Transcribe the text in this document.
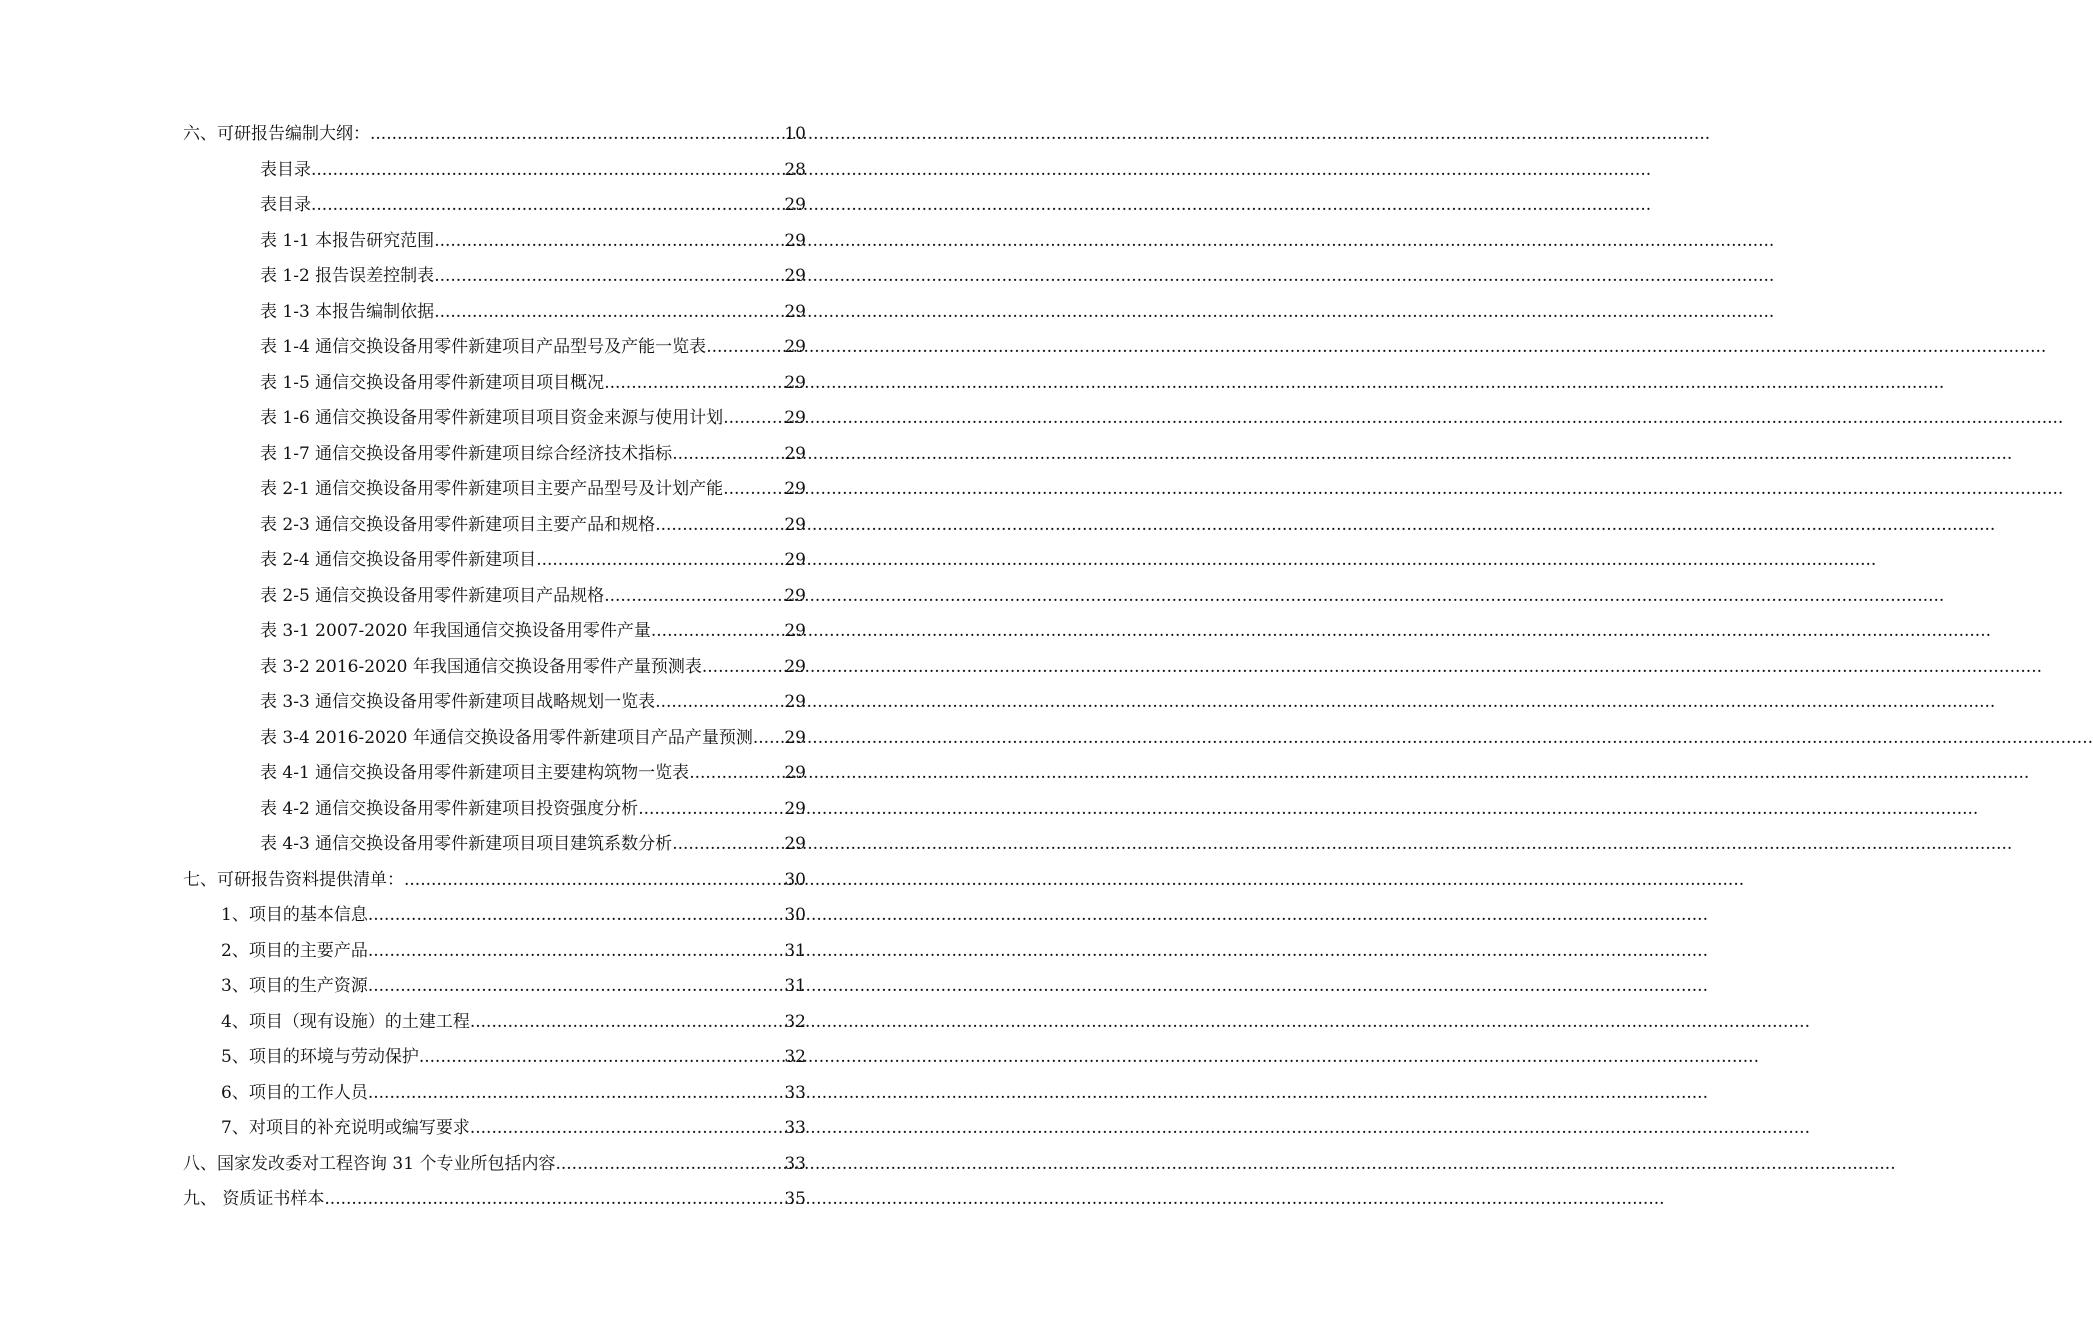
六、可研报告编制大纲： .....	10
表目录 .....	28
表目录 .....	29
表 1-1 本报告研究范围 .....	29
表 1-2 报告误差控制表 .....	29
表 1-3 本报告编制依据 .....	29
表 1-4 通信交换设备用零件新建项目产品型号及产能一览表 .....	29
表 1-5 通信交换设备用零件新建项目项目概况 .....	29
表 1-6 通信交换设备用零件新建项目项目资金来源与使用计划 .....	29
表 1-7 通信交换设备用零件新建项目综合经济技术指标 .....	29
表 2-1 通信交换设备用零件新建项目主要产品型号及计划产能 .....	29
表 2-3 通信交换设备用零件新建项目主要产品和规格 .....	29
表 2-4 通信交换设备用零件新建项目 .....	29
表 2-5 通信交换设备用零件新建项目产品规格 .....	29
表 3-1 2007-2020 年我国通信交换设备用零件产量 .....	29
表 3-2 2016-2020 年我国通信交换设备用零件产量预测表 .....	29
表 3-3 通信交换设备用零件新建项目战略规划一览表 .....	29
表 3-4 2016-2020 年通信交换设备用零件新建项目产品产量预测 ..... 29
表 4-1 通信交换设备用零件新建项目主要建构筑物一览表 .....	29
表 4-2 通信交换设备用零件新建项目投资强度分析 .....	29
表 4-3 通信交换设备用零件新建项目项目建筑系数分析 .....	29
七、可研报告资料提供清单： .....	30
1、项目的基本信息 .....	30
2、项目的主要产品 .....	31
3、项目的生产资源 .....	31
4、项目（现有设施）的土建工程 .....	32
5、项目的环境与劳动保护 .....	32
6、项目的工作人员 .....	33
7、对项目的补充说明或编写要求 .....	33
八、国家发改委对工程咨询 31 个专业所包括内容 .....	33
九、 资质证书样本 .....	35
